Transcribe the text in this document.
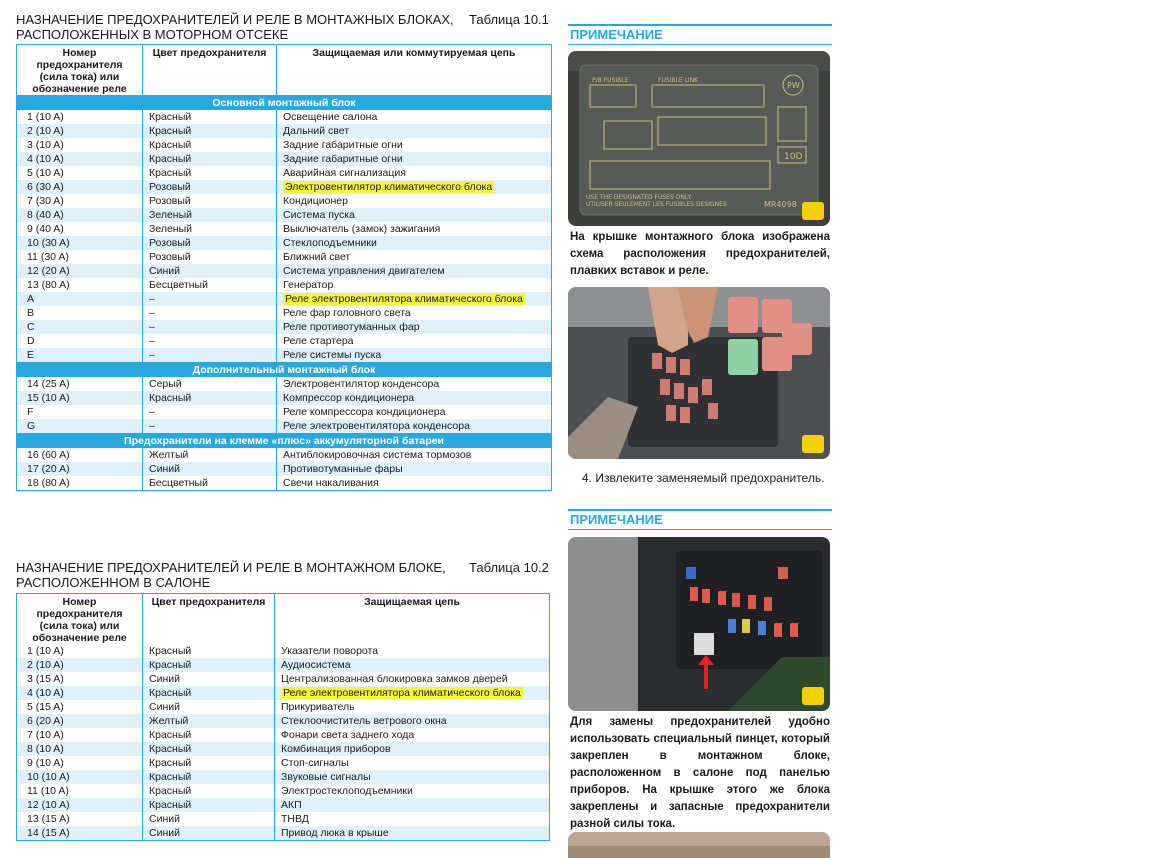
НАЗНАЧЕНИЕ ПРЕДОХРАНИТЕЛЕЙ И РЕЛЕ В МОНТАЖНЫХ БЛОКАХ,
РАСПОЛОЖЕННЫХ В МОТОРНОМ ОТСЕКЕ
Таблица 10.1
Номер предохранителя (сила тока) или обозначение реле	Цвет предохранителя	Защищаемая или коммутируемая цепь
Основной монтажный блок		
1 (10 A)	Красный	Освещение салона
2 (10 A)	Красный	Дальний свет
3 (10 A)	Красный	Задние габаритные огни
4 (10 A)	Красный	Задние габаритные огни
5 (10 A)	Красный	Аварийная сигнализация
6 (30 A)	Розовый	Электровентилятор климатического блока
7 (30 A)	Розовый	Кондиционер
8 (40 A)	Зеленый	Система пуска
9 (40 A)	Зеленый	Выключатель (замок) зажигания
10 (30 A)	Розовый	Стеклоподъемники
11 (30 A)	Розовый	Ближний свет
12 (20 A)	Синий	Система управления двигателем
13 (80 A)	Бесцветный	Генератор
A	–	Реле электровентилятора климатического блока
B	–	Реле фар головного света
C	–	Реле противотуманных фар
D	–	Реле стартера
E	–	Реле системы пуска
Дополнительный монтажный блок		
14 (25 A)	Серый	Электровентилятор конденсора
15 (10 A)	Красный	Компрессор кондиционера
F	–	Реле компрессора кондиционера
G	–	Реле электровентилятора конденсора
Предохранители на клемме «плюс» аккумуляторной батареи		
16 (60 A)	Желтый	Антиблокировочная система тормозов
17 (20 A)	Синий	Противотуманные фары
18 (80 A)	Бесцветный	Свечи накаливания
НАЗНАЧЕНИЕ ПРЕДОХРАНИТЕЛЕЙ И РЕЛЕ В МОНТАЖНОМ БЛОКЕ,
РАСПОЛОЖЕННОМ В САЛОНЕ
Таблица 10.2
Номер предохранителя (сила тока) или обозначение реле	Цвет предохранителя	Защищаемая цепь
1 (10 A)	Красный	Указатели поворота
2 (10 A)	Красный	Аудиосистема
3 (15 A)	Синий	Централизованная блокировка замков дверей
4 (10 A)	Красный	Реле электровентилятора климатического блока
5 (15 A)	Синий	Прикуриватель
6 (20 A)	Желтый	Стеклоочиститель ветрового окна
7 (10 A)	Красный	Фонари света заднего хода
8 (10 A)	Красный	Комбинация приборов
9 (10 A)	Красный	Стоп-сигналы
10 (10 A)	Красный	Звуковые сигналы
11 (10 A)	Красный	Электростеклоподъемники
12 (10 A)	Красный	АКП
13 (15 A)	Синий	ТНВД
14 (15 A)	Синий	Привод люка в крыше
ПРИМЕЧАНИЕ
P/B FUSIBLE	FUSIBLE LINK
PW
10D
USE THE DESIGNATED FUSES ONLY.
UTILISER SEULEMENT LES FUSIBLES DESIGNES	MR4098
На крышке монтажного блока изображена схема расположения предохранителей, плавких вставок и реле.
4. Извлеките заменяемый предохранитель.
ПРИМЕЧАНИЕ
Для замены предохранителей удобно использовать специальный пинцет, который закреплен в монтажном блоке, расположенном в салоне под панелью приборов. На крышке этого же блока закреплены и запасные предохранители разной силы тока.
